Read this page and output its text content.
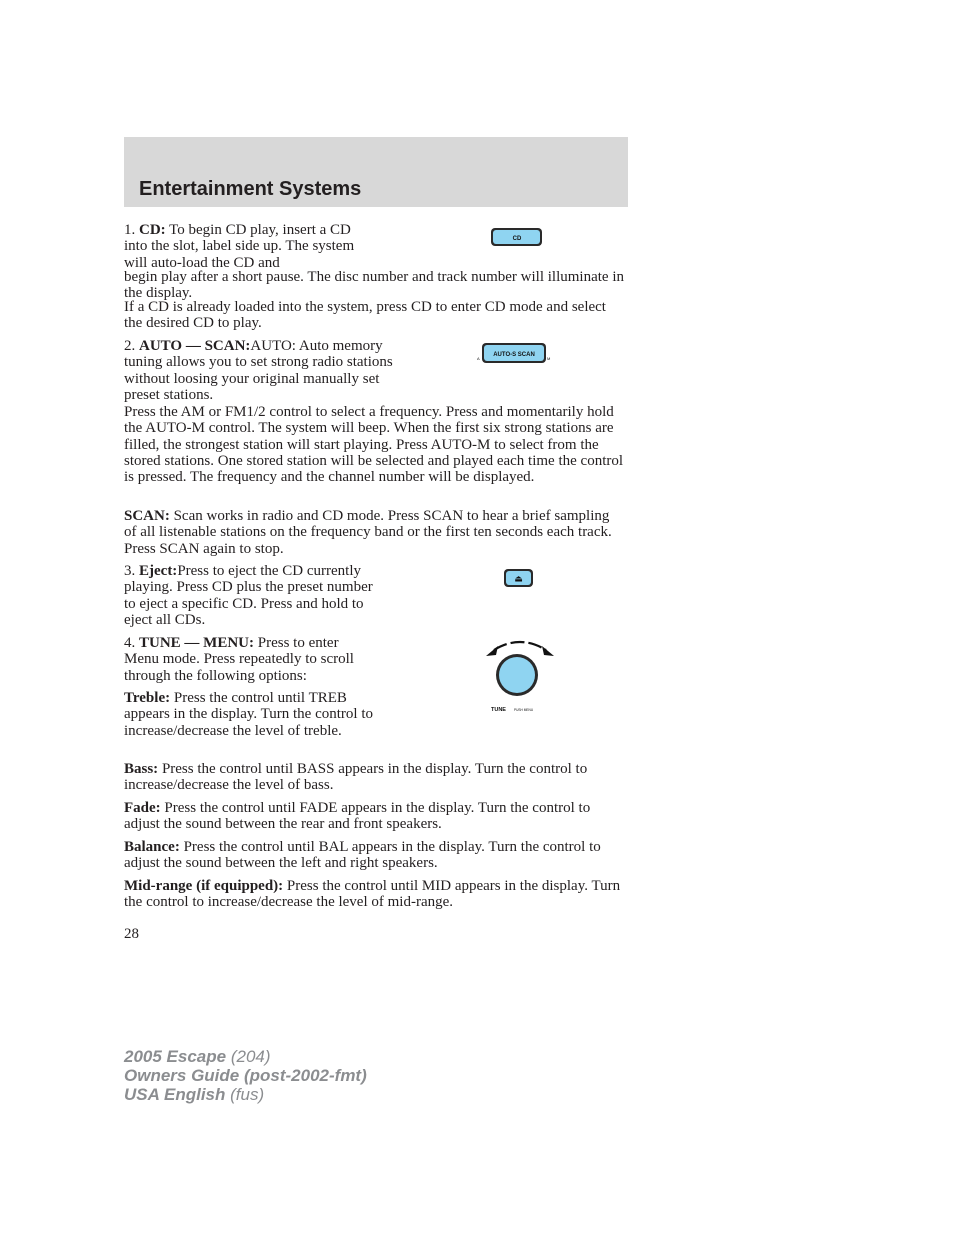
Entertainment Systems

1. CD: To begin CD play, insert a CD into the slot, label side up. The system will auto-load the CD and

begin play after a short pause. The disc number and track number will illuminate in the display.

If a CD is already loaded into the system, press CD to enter CD mode and select the desired CD to play.

CD

2. AUTO — SCAN:AUTO: Auto memory tuning allows you to set strong radio stations without loosing your original manually set preset stations.

Press the AM or FM1/2 control to select a frequency. Press and momentarily hold the AUTO-M control. The system will beep. When the first six strong stations are filled, the strongest station will start playing. Press AUTO-M to select from the stored stations. One stored station will be selected and played each time the control is pressed. The frequency and the channel number will be displayed.

A
AUTO-S SCAN
M

SCAN: Scan works in radio and CD mode. Press SCAN to hear a brief sampling of all listenable stations on the frequency band or the first ten seconds each track. Press SCAN again to stop.

3. Eject:Press to eject the CD currently playing. Press CD plus the preset number to eject a specific CD. Press and hold to eject all CDs.

⏏

4. TUNE — MENU: Press to enter Menu mode. Press repeatedly to scroll through the following options:

Treble: Press the control until TREB appears in the display. Turn the control to increase/decrease the level of treble.

TUNE	PUSH MENU

Bass: Press the control until BASS appears in the display. Turn the control to increase/decrease the level of bass.

Fade: Press the control until FADE appears in the display. Turn the control to adjust the sound between the rear and front speakers.

Balance: Press the control until BAL appears in the display. Turn the control to adjust the sound between the left and right speakers.

Mid-range (if equipped): Press the control until MID appears in the display. Turn the control to increase/decrease the level of mid-range.

28
2005 Escape (204)
Owners Guide (post-2002-fmt)
USA English (fus)
